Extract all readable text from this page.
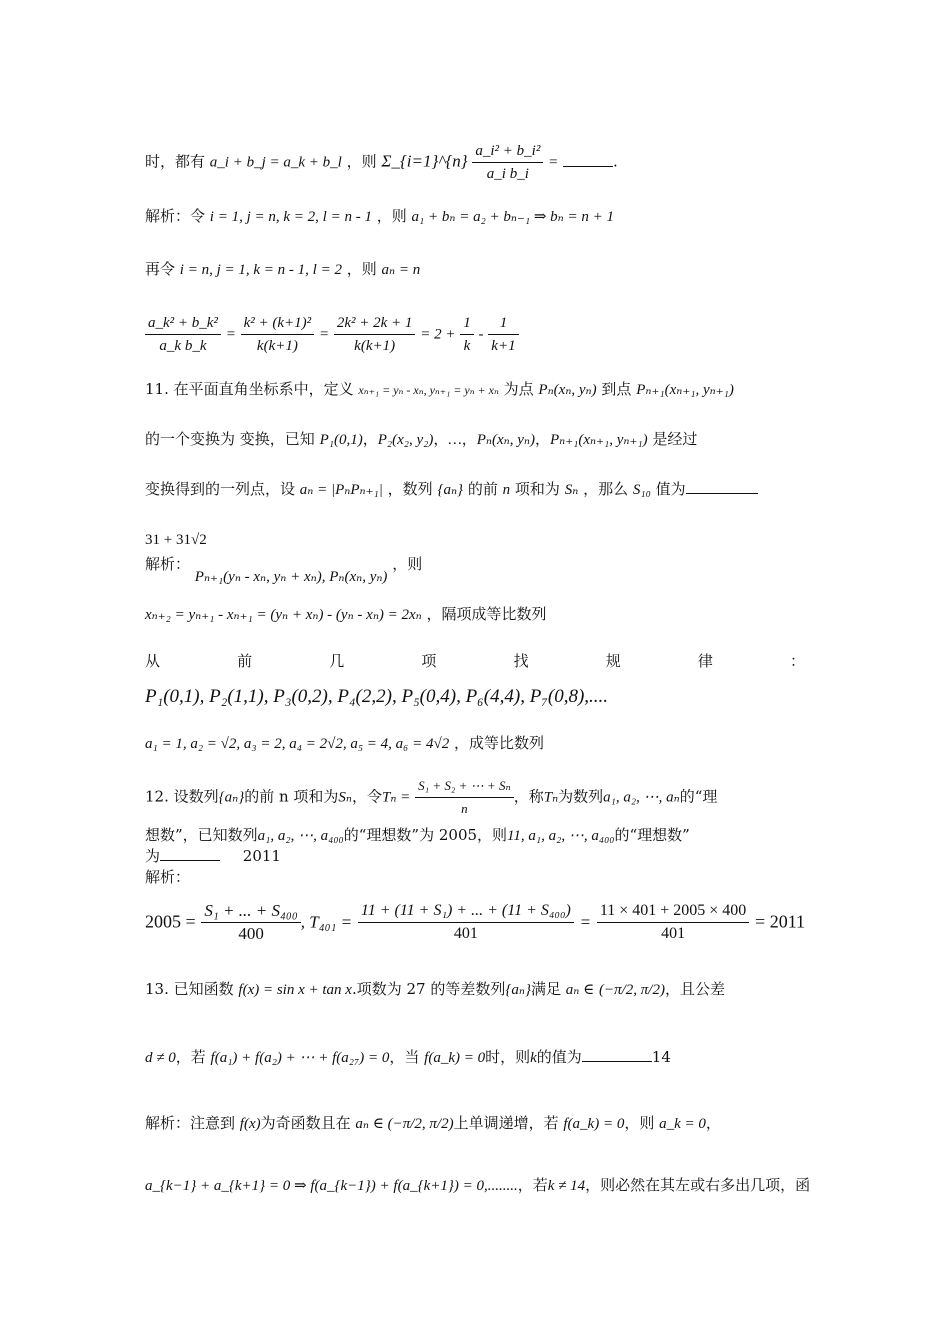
时，都有 a_i + b_j = a_k + b_l ，则 Σ_{i=1}^{n} $\frac{\text{a\_i² + b\_i²}}{\text{a\_i b\_i}}$ =	.
解析：令 i = 1, j = n, k = 2, l = n - 1 ，则 a₁ + bₙ = a₂ + bₙ₋₁ ⇒ bₙ = n + 1
再令 i = n, j = 1, k = n - 1, l = 2 ，则 aₙ = n
$\frac{\text{a\_k² + b\_k²}}{\text{a\_k b\_k}} = \frac{\text{k² + (k+1)²}}{k(k+1)} = \frac{\text{2k² + 2k + 1}}{k(k+1)} = 2 + \frac{1}{k} - \frac{1}{k+1}$
11. 在平面直角坐标系中，定义 xₙ₊₁ = yₙ - xₙ, yₙ₊₁ = yₙ + xₙ 为点 Pₙ(xₙ, yₙ) 到点 Pₙ₊₁(xₙ₊₁, yₙ₊₁)
的一个变换为 变换，已知 P₁(0,1)，P₂(x₂, y₂)，…，Pₙ(xₙ, yₙ)，Pₙ₊₁(xₙ₊₁, yₙ₊₁) 是经过
变换得到的一列点，设 aₙ = |PₙPₙ₊₁| ，数列 {aₙ} 的前 n 项和为 Sₙ ，那么 S₁₀ 值为
31 + 31√2
解析： Pₙ₊₁(yₙ - xₙ, yₙ + xₙ), Pₙ(xₙ, yₙ) ，则
xₙ₊₂ = yₙ₊₁ - xₙ₊₁ = (yₙ + xₙ) - (yₙ - xₙ) = 2xₙ ，隔项成等比数列
从	前	几	项	找	规	律	：
P₁(0,1), P₂(1,1), P₃(0,2), P₄(2,2), P₅(0,4), P₆(4,4), P₇(0,8),....
a₁ = 1, a₂ = √2, a₃ = 2, a₄ = 2√2, a₅ = 4, a₆ = 4√2 ，成等比数列
12. 设数列{aₙ}的前 n 项和为Sₙ，令$T_n = \frac{\text{S₁ + S₂ + ⋯ + Sₙ}}{n}$ ，称Tₙ为数列a₁, a₂, ⋯, aₙ的“理
想数”，已知数列a₁, a₂, ⋯, a₄₀₀的“理想数”为 2005，则11, a₁, a₂, ⋯, a₄₀₀的“理想数”
为	2011
解析：
$2005 = \frac{\text{S₁ + ... + S₄₀₀}}{400}$ , $T_{401} = \frac{\text{11 + (11 + S₁) + ... + (11 + S₄₀₀)}}{401} = \frac{11 \times 401 + 2005 \times 400}{401} = 2011$
13. 已知函数 f(x) = sin x + tan x.项数为 27 的等差数列{aₙ}满足 aₙ ∈ (−π/2, π/2)，且公差
d ≠ 0，若 f(a₁) + f(a₂) + ⋯ + f(a₂₇) = 0，当 f(a_k) = 0时，则k的值为	14
解析：注意到 f(x)为奇函数且在 aₙ ∈ (−π/2, π/2)上单调递增，若 f(a_k) = 0，则 a_k = 0，
a_{k−1} + a_{k+1} = 0 ⇒ f(a_{k−1}) + f(a_{k+1}) = 0,........，若k ≠ 14，则必然在其左或右多出几项，函
